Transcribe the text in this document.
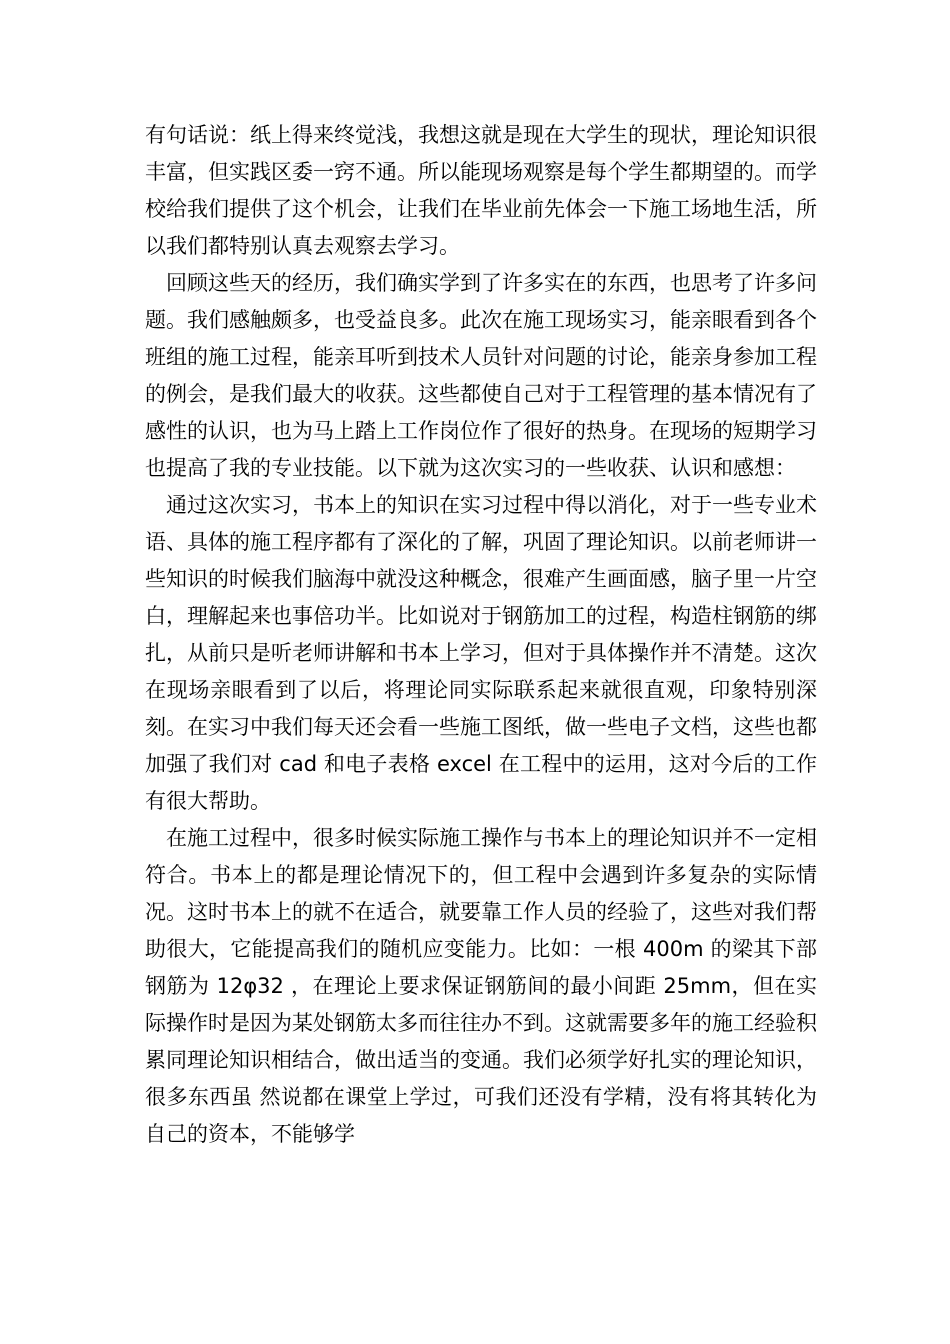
有句话说：纸上得来终觉浅，我想这就是现在大学生的现状，理论知识很丰富，但实践区委一窍不通。所以能现场观察是每个学生都期望的。而学校给我们提供了这个机会，让我们在毕业前先体会一下施工场地生活，所以我们都特别认真去观察去学习。

回顾这些天的经历，我们确实学到了许多实在的东西，也思考了许多问题。我们感触颇多，也受益良多。此次在施工现场实习，能亲眼看到各个班组的施工过程，能亲耳听到技术人员针对问题的讨论，能亲身参加工程的例会，是我们最大的收获。这些都使自己对于工程管理的基本情况有了感性的认识，也为马上踏上工作岗位作了很好的热身。在现场的短期学习也提高了我的专业技能。以下就为这次实习的一些收获、认识和感想：

通过这次实习，书本上的知识在实习过程中得以消化，对于一些专业术语、具体的施工程序都有了深化的了解，巩固了理论知识。以前老师讲一些知识的时候我们脑海中就没这种概念，很难产生画面感，脑子里一片空白，理解起来也事倍功半。比如说对于钢筋加工的过程，构造柱钢筋的绑扎，从前只是听老师讲解和书本上学习，但对于具体操作并不清楚。这次在现场亲眼看到了以后，将理论同实际联系起来就很直观，印象特别深刻。在实习中我们每天还会看一些施工图纸，做一些电子文档，这些也都加强了我们对 cad 和电子表格 excel 在工程中的运用，这对今后的工作有很大帮助。

在施工过程中，很多时候实际施工操作与书本上的理论知识并不一定相符合。书本上的都是理论情况下的，但工程中会遇到许多复杂的实际情况。这时书本上的就不在适合，就要靠工作人员的经验了，这些对我们帮助很大，它能提高我们的随机应变能力。比如：一根 400m 的梁其下部钢筋为 12φ32 ，在理论上要求保证钢筋间的最小间距 25mm，但在实际操作时是因为某处钢筋太多而往往办不到。这就需要多年的施工经验积累同理论知识相结合，做出适当的变通。我们必须学好扎实的理论知识，很多东西虽 然说都在课堂上学过，可我们还没有学精，没有将其转化为自己的资本，不能够学
